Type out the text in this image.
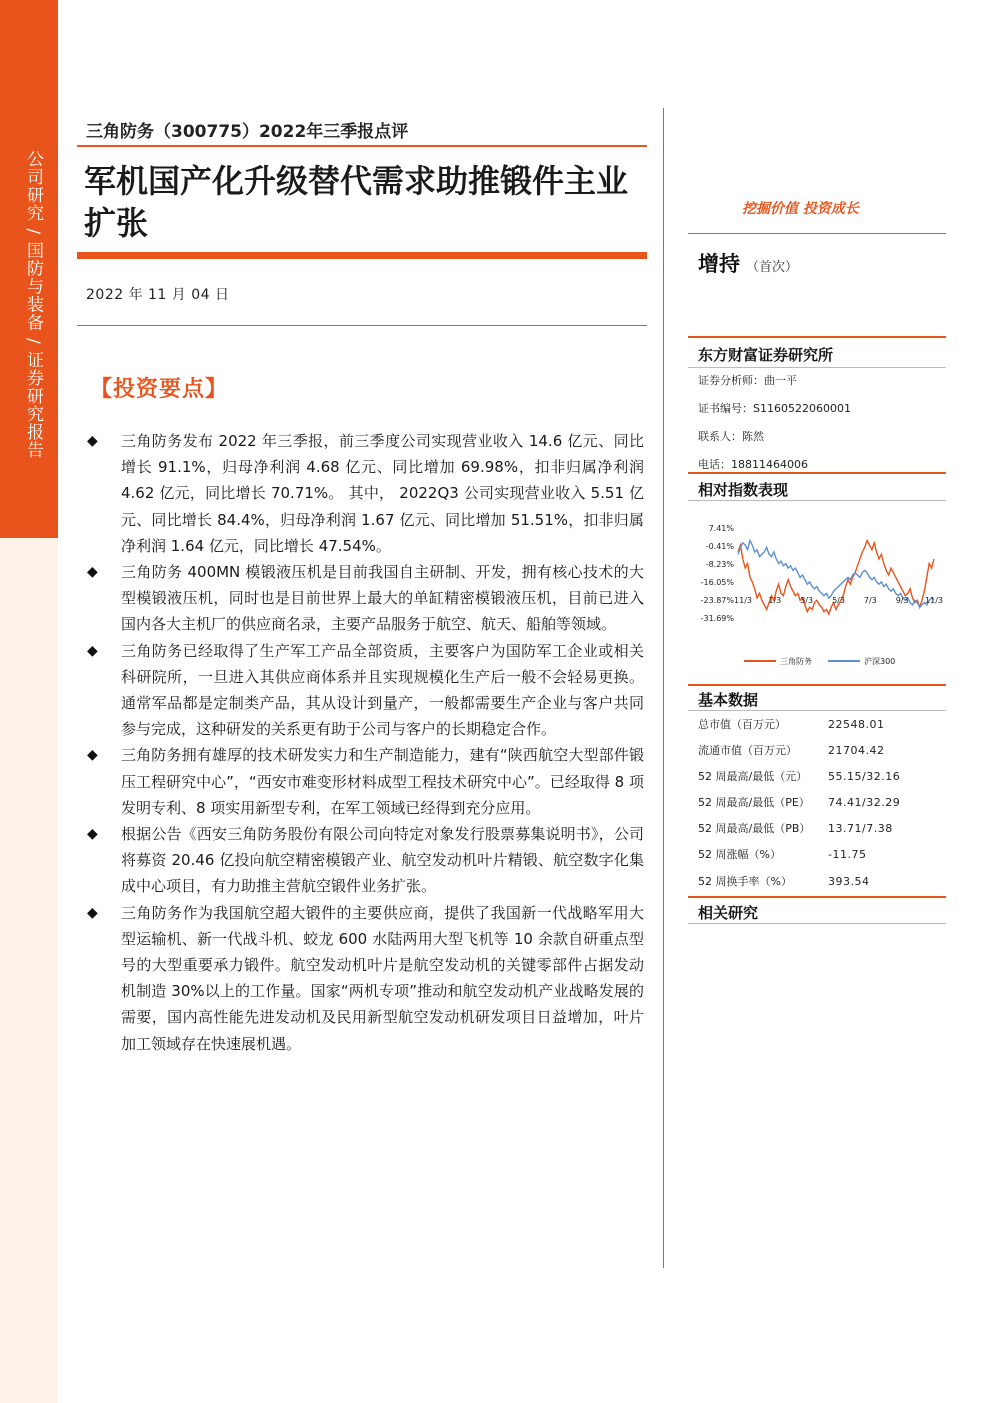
公司研究 / 国防与装备 / 证券研究报告
三角防务（300775）2022年三季报点评
军机国产化升级替代需求助推锻件主业扩张
2022 年 11 月 04 日
【投资要点】
◆ 三角防务发布 2022 年三季报，前三季度公司实现营业收入 14.6 亿元、同比增长 91.1%，归母净利润 4.68 亿元、同比增加 69.98%，扣非归属净利润 4.62 亿元，同比增长 70.71%。 其中， 2022Q3 公司实现营业收入 5.51 亿元、同比增长 84.4%，归母净利润 1.67 亿元、同比增加 51.51%，扣非归属净利润 1.64 亿元，同比增长 47.54%。
◆ 三角防务 400MN 模锻液压机是目前我国自主研制、开发，拥有核心技术的大型模锻液压机，同时也是目前世界上最大的单缸精密模锻液压机，目前已进入国内各大主机厂的供应商名录，主要产品服务于航空、航天、船舶等领域。
◆ 三角防务已经取得了生产军工产品全部资质，主要客户为国防军工企业或相关科研院所，一旦进入其供应商体系并且实现规模化生产后一般不会轻易更换。通常军品都是定制类产品，其从设计到量产，一般都需要生产企业与客户共同参与完成，这种研发的关系更有助于公司与客户的长期稳定合作。
◆ 三角防务拥有雄厚的技术研发实力和生产制造能力，建有“陕西航空大型部件锻压工程研究中心”，“西安市难变形材料成型工程技术研究中心”。已经取得 8 项发明专利、8 项实用新型专利，在军工领域已经得到充分应用。
◆ 根据公告《西安三角防务股份有限公司向特定对象发行股票募集说明书》，公司将募资 20.46 亿投向航空精密模锻产业、航空发动机叶片精锻、航空数字化集成中心项目，有力助推主营航空锻件业务扩张。
◆ 三角防务作为我国航空超大锻件的主要供应商，提供了我国新一代战略军用大型运输机、新一代战斗机、蛟龙 600 水陆两用大型飞机等 10 余款自研重点型号的大型重要承力锻件。航空发动机叶片是航空发动机的关键零部件占据发动机制造 30%以上的工作量。国家“两机专项”推动和航空发动机产业战略发展的需要，国内高性能先进发动机及民用新型航空发动机研发项目日益增加，叶片加工领域存在快速展机遇。
挖掘价值 投资成长
增持 （首次）
东方财富证券研究所
证券分析师：曲一平
证书编号：S1160522060001
联系人：陈然
电话：18811464006
相对指数表现
7.41%
-0.41%
-8.23%
-16.05%
-23.87%
-31.69%
11/3 1/3 3/3 5/3 7/3 9/3 11/3
三角防务	沪深300
基本数据
总市值（百万元）	22548.01
流通市值（百万元）	21704.42
52 周最高/最低（元） 55.15/32.16
52 周最高/最低（PE） 74.41/32.29
52 周最高/最低（PB） 13.71/7.38
52 周涨幅（%）	-11.75
52 周换手率（%）	393.54
相关研究
